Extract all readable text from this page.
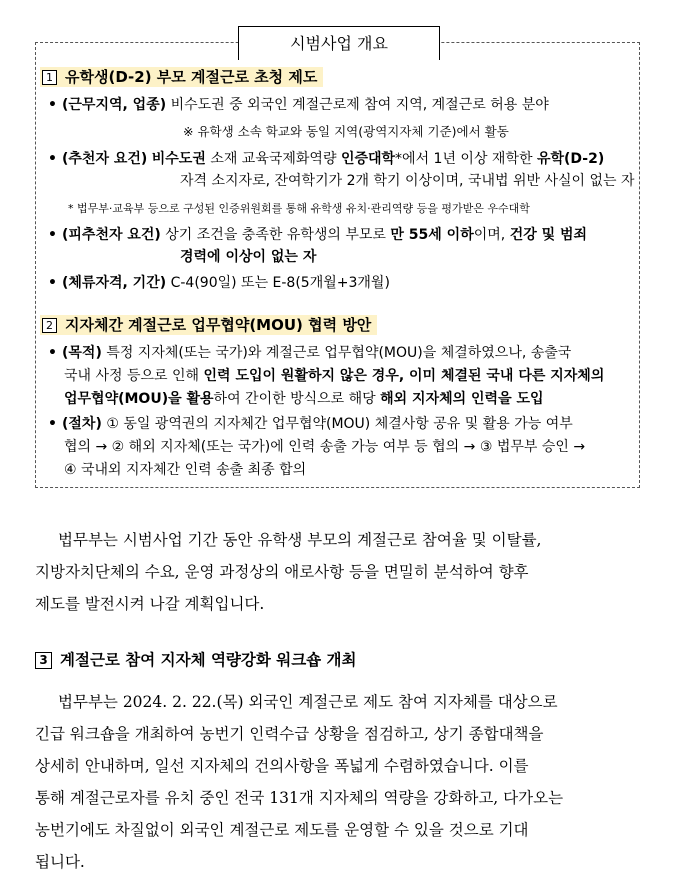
시범사업 개요
1 유학생(D-2) 부모 계절근로 초청 제도
• (근무지역, 업종) 비수도권 중 외국인 계절근로제 참여 지역, 계절근로 허용 분야
※ 유학생 소속 학교와 동일 지역(광역지자체 기준)에서 활동
• (추천자 요건) 비수도권 소재 교육국제화역량 인증대학*에서 1년 이상 재학한 유학(D-2)
자격 소지자로, 잔여학기가 2개 학기 이상이며, 국내법 위반 사실이 없는 자
* 법무부·교육부 등으로 구성된 인증위원회를 통해 유학생 유치·관리역량 등을 평가받은 우수대학
• (피추천자 요건) 상기 조건을 충족한 유학생의 부모로 만 55세 이하이며, 건강 및 범죄
경력에 이상이 없는 자
• (체류자격, 기간) C-4(90일) 또는 E-8(5개월+3개월)
2 지자체간 계절근로 업무협약(MOU) 협력 방안
• (목적) 특정 지자체(또는 국가)와 계절근로 업무협약(MOU)을 체결하였으나, 송출국
국내 사정 등으로 인해 인력 도입이 원활하지 않은 경우, 이미 체결된 국내 다른 지자체의
업무협약(MOU)을 활용하여 간이한 방식으로 해당 해외 지자체의 인력을 도입
• (절차) ① 동일 광역권의 지자체간 업무협약(MOU) 체결사항 공유 및 활용 가능 여부
협의 → ② 해외 지자체(또는 국가)에 인력 송출 가능 여부 등 협의 → ③ 법무부 승인 →
④ 국내외 지자체간 인력 송출 최종 합의
법무부는 시범사업 기간 동안 유학생 부모의 계절근로 참여율 및 이탈률,
지방자치단체의 수요, 운영 과정상의 애로사항 등을 면밀히 분석하여 향후
제도를 발전시켜 나갈 계획입니다.
3 계절근로 참여 지자체 역량강화 워크숍 개최
법무부는 2024. 2. 22.(목) 외국인 계절근로 제도 참여 지자체를 대상으로
긴급 워크숍을 개최하여 농번기 인력수급 상황을 점검하고, 상기 종합대책을
상세히 안내하며, 일선 지자체의 건의사항을 폭넓게 수렴하였습니다. 이를
통해 계절근로자를 유치 중인 전국 131개 지자체의 역량을 강화하고, 다가오는
농번기에도 차질없이 외국인 계절근로 제도를 운영할 수 있을 것으로 기대
됩니다.
